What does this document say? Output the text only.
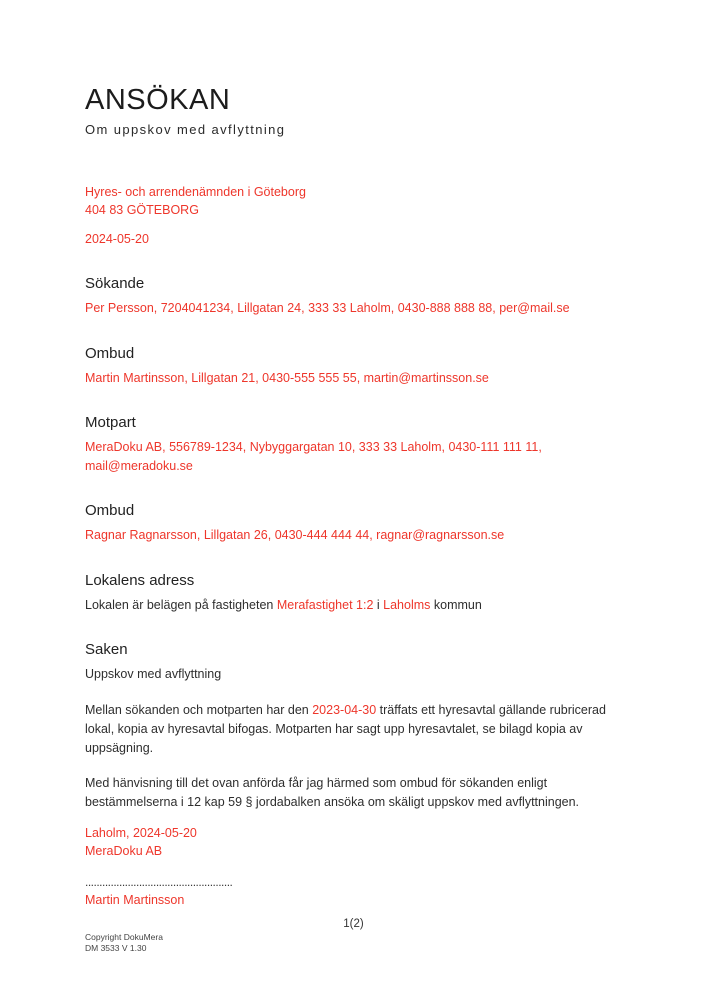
ANSÖKAN
Om uppskov med avflyttning
Hyres- och arrendenämnden i Göteborg
404 83 GÖTEBORG
2024-05-20
Sökande
Per Persson, 7204041234, Lillgatan 24, 333 33 Laholm, 0430-888 888 88, per@mail.se
Ombud
Martin Martinsson, Lillgatan 21, 0430-555 555 55, martin@martinsson.se
Motpart
MeraDoku AB, 556789-1234, Nybyggargatan 10, 333 33 Laholm, 0430-111 111 11, mail@meradoku.se
Ombud
Ragnar Ragnarsson, Lillgatan 26, 0430-444 444 44, ragnar@ragnarsson.se
Lokalens adress
Lokalen är belägen på fastigheten Merafastighet 1:2 i Laholms kommun
Saken
Uppskov med avflyttning

Mellan sökanden och motparten har den 2023-04-30 träffats ett hyresavtal gällande rubricerad lokal, kopia av hyresavtal bifogas. Motparten har sagt upp hyresavtalet, se bilagd kopia av uppsägning.

Med hänvisning till det ovan anförda får jag härmed som ombud för sökanden enligt bestämmelserna i 12 kap 59 § jordabalken ansöka om skäligt uppskov med avflyttningen.

Laholm, 2024-05-20
MeraDoku AB
....................................................
Martin Martinsson
1(2)
Copyright DokuMera
DM 3533 V 1.30
